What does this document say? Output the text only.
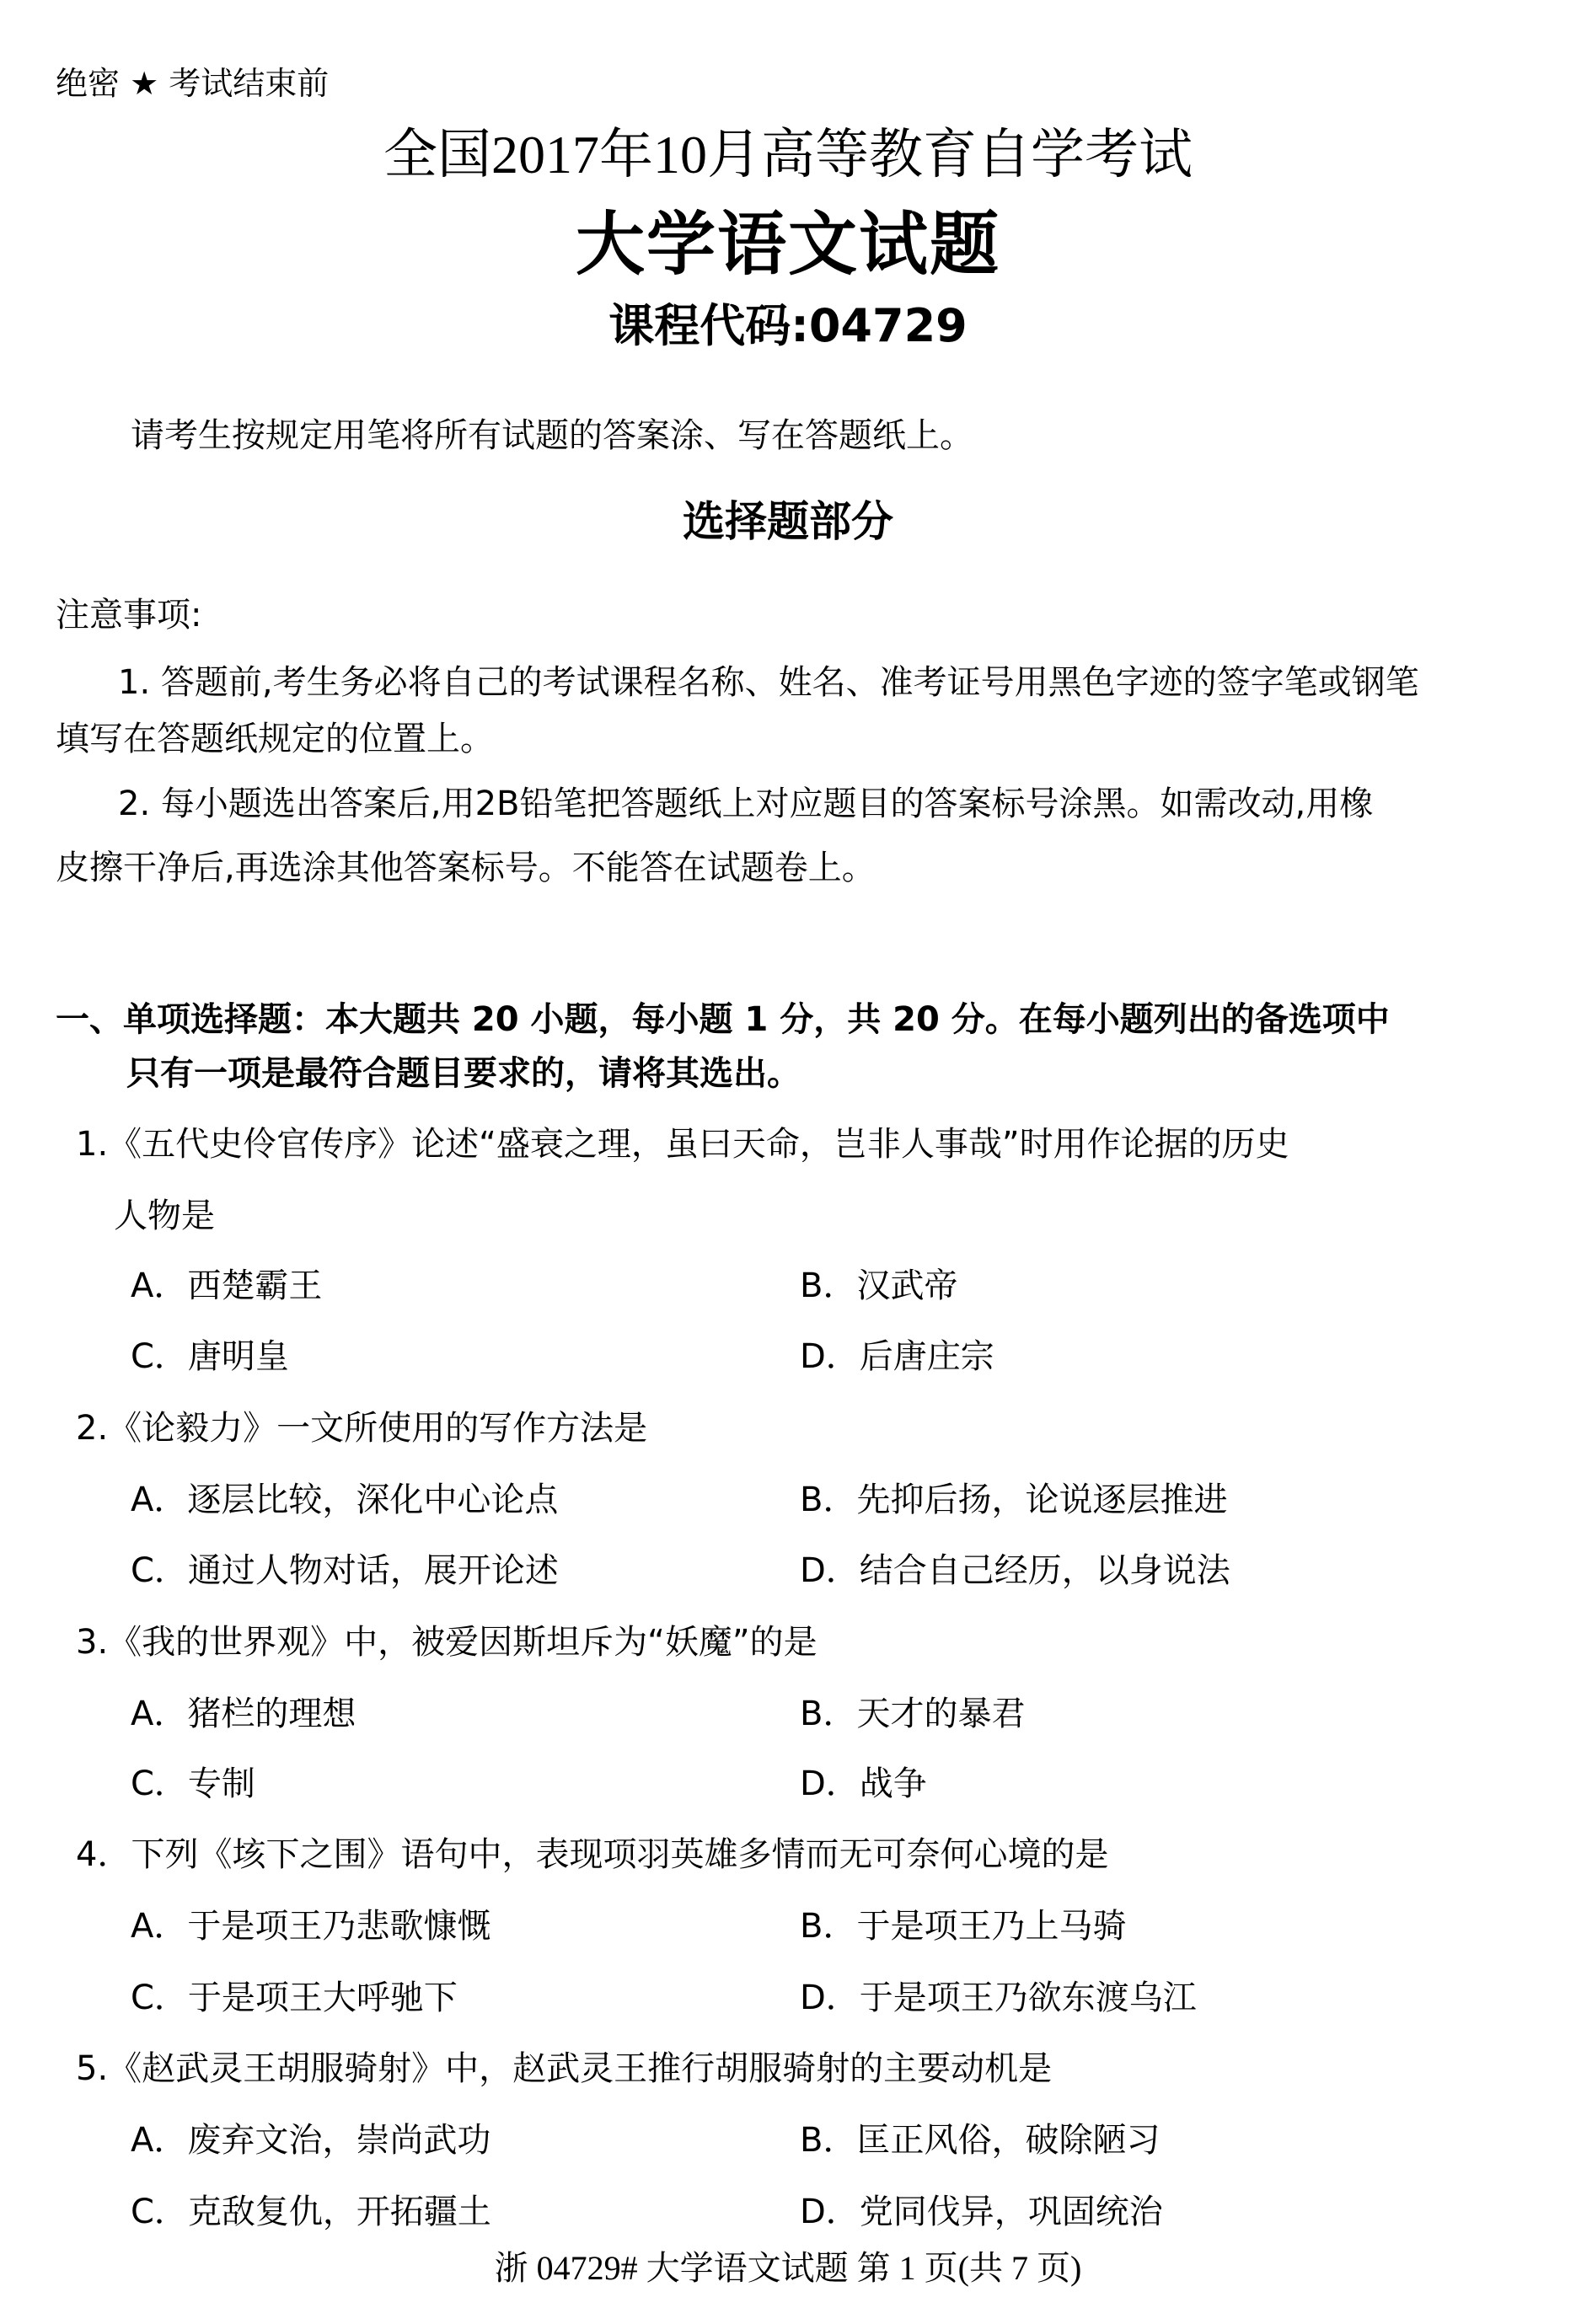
绝密 ★ 考试结束前
全国2017年10月高等教育自学考试
大学语文试题
课程代码:04729
请考生按规定用笔将所有试题的答案涂、写在答题纸上。
选择题部分
注意事项:
1. 答题前,考生务必将自己的考试课程名称、姓名、准考证号用黑色字迹的签字笔或钢笔
填写在答题纸规定的位置上。
2. 每小题选出答案后,用2B铅笔把答题纸上对应题目的答案标号涂黑。如需改动,用橡
皮擦干净后,再选涂其他答案标号。不能答在试题卷上。
一、单项选择题：本大题共 20 小题，每小题 1 分，共 20 分。在每小题列出的备选项中
只有一项是最符合题目要求的，请将其选出。
1.《五代史伶官传序》论述“盛衰之理，虽曰天命，岂非人事哉”时用作论据的历史
人物是
A．西楚霸王	B．汉武帝
C．唐明皇	D．后唐庄宗
2.《论毅力》一文所使用的写作方法是
A．逐层比较，深化中心论点	B．先抑后扬，论说逐层推进
C．通过人物对话，展开论述	D．结合自己经历，以身说法
3.《我的世界观》中，被爱因斯坦斥为“妖魔”的是
A．猪栏的理想	B．天才的暴君
C．专制	D．战争
4．下列《垓下之围》语句中，表现项羽英雄多情而无可奈何心境的是
A．于是项王乃悲歌慷慨	B．于是项王乃上马骑
C．于是项王大呼驰下	D．于是项王乃欲东渡乌江
5.《赵武灵王胡服骑射》中，赵武灵王推行胡服骑射的主要动机是
A．废弃文治，崇尚武功	B．匡正风俗，破除陋习
C．克敌复仇，开拓疆土	D．党同伐异，巩固统治
浙 04729# 大学语文试题 第 1 页(共 7 页)
